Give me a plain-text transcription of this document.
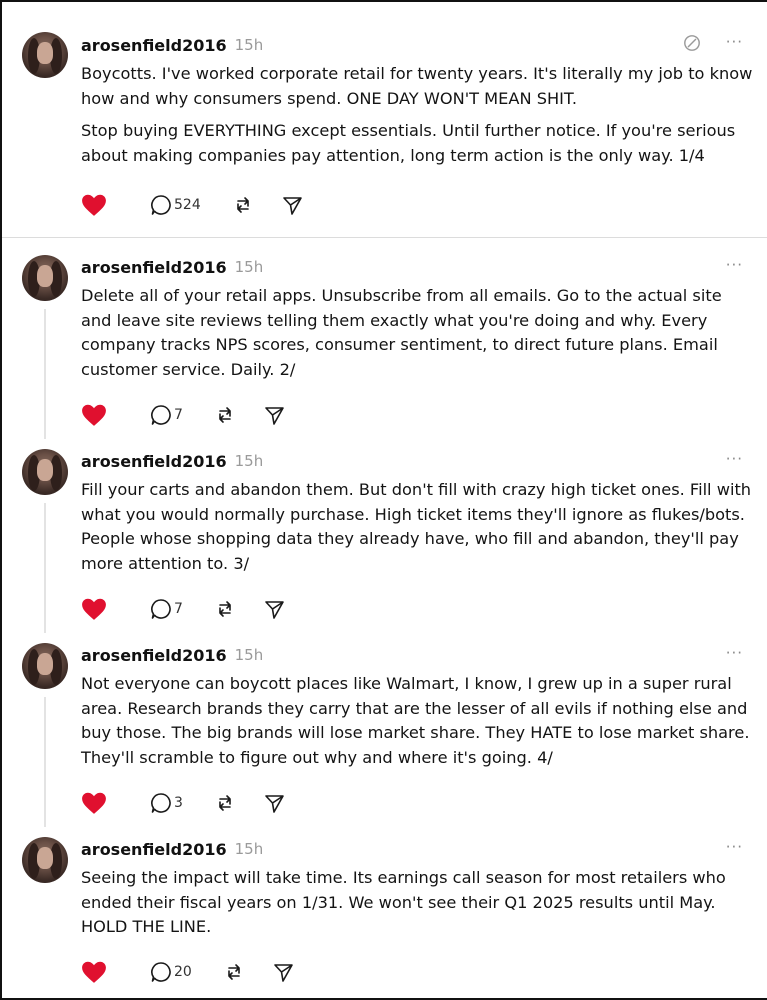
arosenfield2016 15h	···

Boycotts. I've worked corporate retail for twenty years. It's literally my job to know how and why consumers spend. ONE DAY WON'T MEAN SHIT.

Stop buying EVERYTHING except essentials. Until further notice. If you're serious about making companies pay attention, long term action is the only way. 1/4

524
arosenfield2016 15h	···

Delete all of your retail apps. Unsubscribe from all emails. Go to the actual site and leave site reviews telling them exactly what you're doing and why. Every company tracks NPS scores, consumer sentiment, to direct future plans. Email customer service. Daily. 2/

7
arosenfield2016 15h	···

Fill your carts and abandon them. But don't fill with crazy high ticket ones. Fill with what you would normally purchase. High ticket items they'll ignore as flukes/bots. People whose shopping data they already have, who fill and abandon, they'll pay more attention to. 3/

7
arosenfield2016 15h	···

Not everyone can boycott places like Walmart, I know, I grew up in a super rural area. Research brands they carry that are the lesser of all evils if nothing else and buy those. The big brands will lose market share. They HATE to lose market share. They'll scramble to figure out why and where it's going. 4/

3
arosenfield2016 15h	···

Seeing the impact will take time. Its earnings call season for most retailers who ended their fiscal years on 1/31. We won't see their Q1 2025 results until May. HOLD THE LINE.

20
